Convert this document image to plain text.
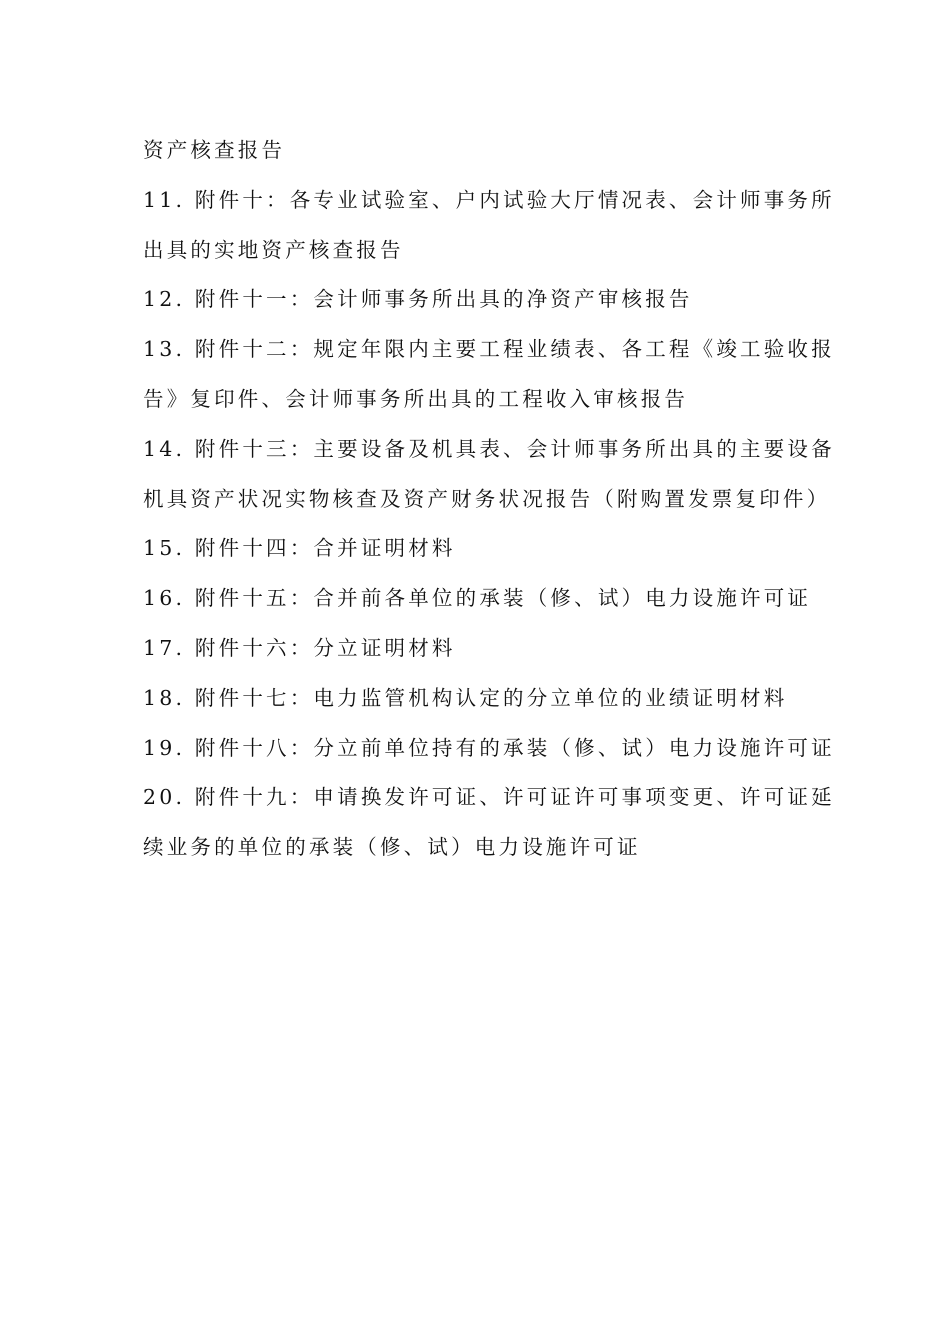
资产核查报告
11. 附件十：各专业试验室、户内试验大厅情况表、会计师事务所
出具的实地资产核查报告
12. 附件十一：会计师事务所出具的净资产审核报告
13. 附件十二：规定年限内主要工程业绩表、各工程《竣工验收报
告》复印件、会计师事务所出具的工程收入审核报告
14. 附件十三：主要设备及机具表、会计师事务所出具的主要设备
机具资产状况实物核查及资产财务状况报告（附购置发票复印件）
15. 附件十四：合并证明材料
16. 附件十五：合并前各单位的承装（修、试）电力设施许可证
17. 附件十六：分立证明材料
18. 附件十七：电力监管机构认定的分立单位的业绩证明材料
19. 附件十八：分立前单位持有的承装（修、试）电力设施许可证
20. 附件十九：申请换发许可证、许可证许可事项变更、许可证延
续业务的单位的承装（修、试）电力设施许可证
